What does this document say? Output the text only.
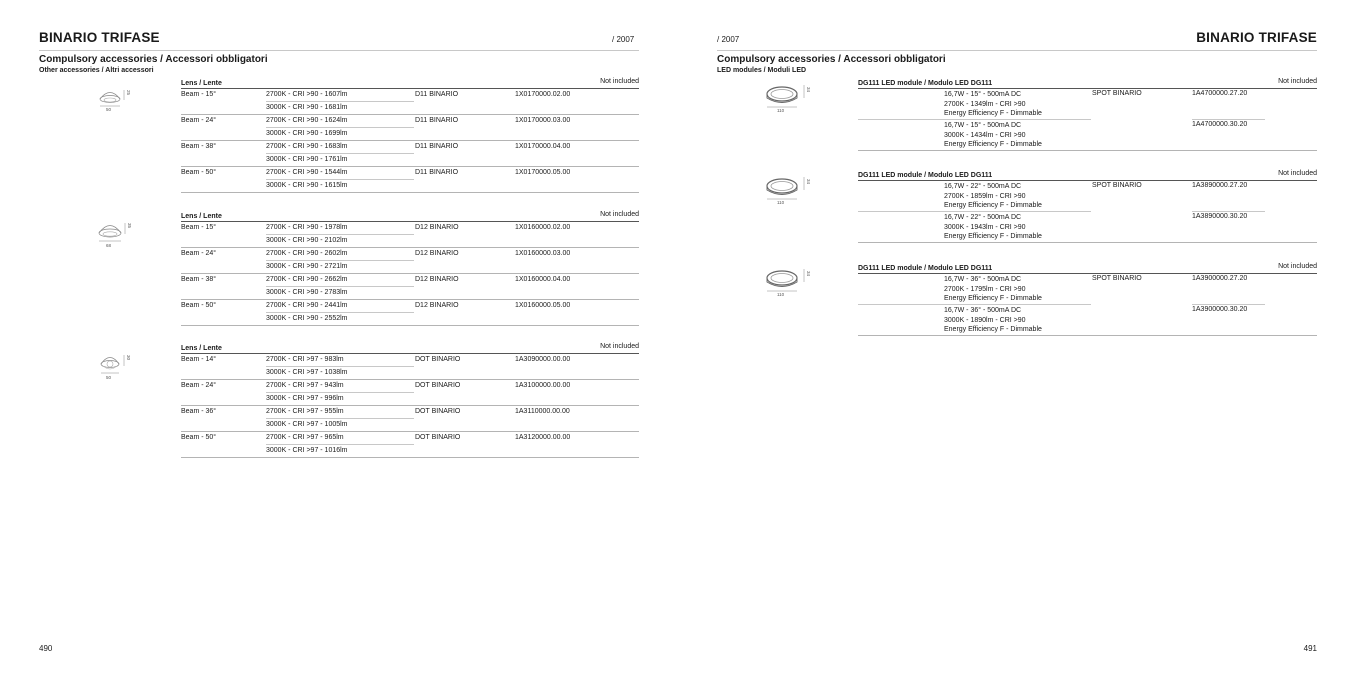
BINARIO TRIFASE	/ 2007
Compulsory accessories / Accessori obbligatori
Other accessories / Altri accessori
50
25
Lens / Lente	Not included
Beam - 15°	2700K - CRI >90 - 1607lm
3000K - CRI >90 - 1681lm
D11 BINARIO	1X0170000.02.00
Beam - 24°	2700K - CRI >90 - 1624lm
3000K - CRI >90 - 1699lm
D11 BINARIO	1X0170000.03.00
Beam - 38°	2700K - CRI >90 - 1683lm
3000K - CRI >90 - 1761lm
D11 BINARIO	1X0170000.04.00
Beam - 50°	2700K - CRI >90 - 1544lm
3000K - CRI >90 - 1615lm
D11 BINARIO	1X0170000.05.00
68
35
Lens / Lente	Not included
Beam - 15°	2700K - CRI >90 - 1978lm
3000K - CRI >90 - 2102lm
D12 BINARIO	1X0160000.02.00
Beam - 24°	2700K - CRI >90 - 2602lm
3000K - CRI >90 - 2721lm
D12 BINARIO	1X0160000.03.00
Beam - 38°	2700K - CRI >90 - 2662lm
3000K - CRI >90 - 2783lm
D12 BINARIO	1X0160000.04.00
Beam - 50°	2700K - CRI >90 - 2441lm
3000K - CRI >90 - 2552lm
D12 BINARIO	1X0160000.05.00
50
30
Lens / Lente	Not included
Beam - 14°	2700K - CRI >97 - 983lm
3000K - CRI >97 - 1038lm
DOT BINARIO	1A3090000.00.00
Beam - 24°	2700K - CRI >97 - 943lm
3000K - CRI >97 - 996lm
DOT BINARIO	1A3100000.00.00
Beam - 36°	2700K - CRI >97 - 955lm
3000K - CRI >97 - 1005lm
DOT BINARIO	1A3110000.00.00
Beam - 50°	2700K - CRI >97 - 965lm
3000K - CRI >97 - 1016lm
DOT BINARIO	1A3120000.00.00
490
/ 2007	BINARIO TRIFASE
Compulsory accessories / Accessori obbligatori
LED modules / Moduli LED
110
34
DG111 LED module / Modulo LED DG111	Not included
16,7W - 15° - 500mA DC
2700K - 1349lm - CRI >90
Energy Efficiency F - Dimmable
SPOT BINARIO	1A4700000.27.20
16,7W - 15° - 500mA DC
3000K - 1434lm - CRI >90
Energy Efficiency F - Dimmable
1A4700000.30.20
110
34
DG111 LED module / Modulo LED DG111	Not included
16,7W - 22° - 500mA DC
2700K - 1859lm - CRI >90
Energy Efficiency F - Dimmable
SPOT BINARIO	1A3890000.27.20
16,7W - 22° - 500mA DC
3000K - 1943lm - CRI >90
Energy Efficiency F - Dimmable
1A3890000.30.20
110
34
DG111 LED module / Modulo LED DG111	Not included
16,7W - 36° - 500mA DC
2700K - 1795lm - CRI >90
Energy Efficiency F - Dimmable
SPOT BINARIO	1A3900000.27.20
16,7W - 36° - 500mA DC
3000K - 1890lm - CRI >90
Energy Efficiency F - Dimmable
1A3900000.30.20
491
